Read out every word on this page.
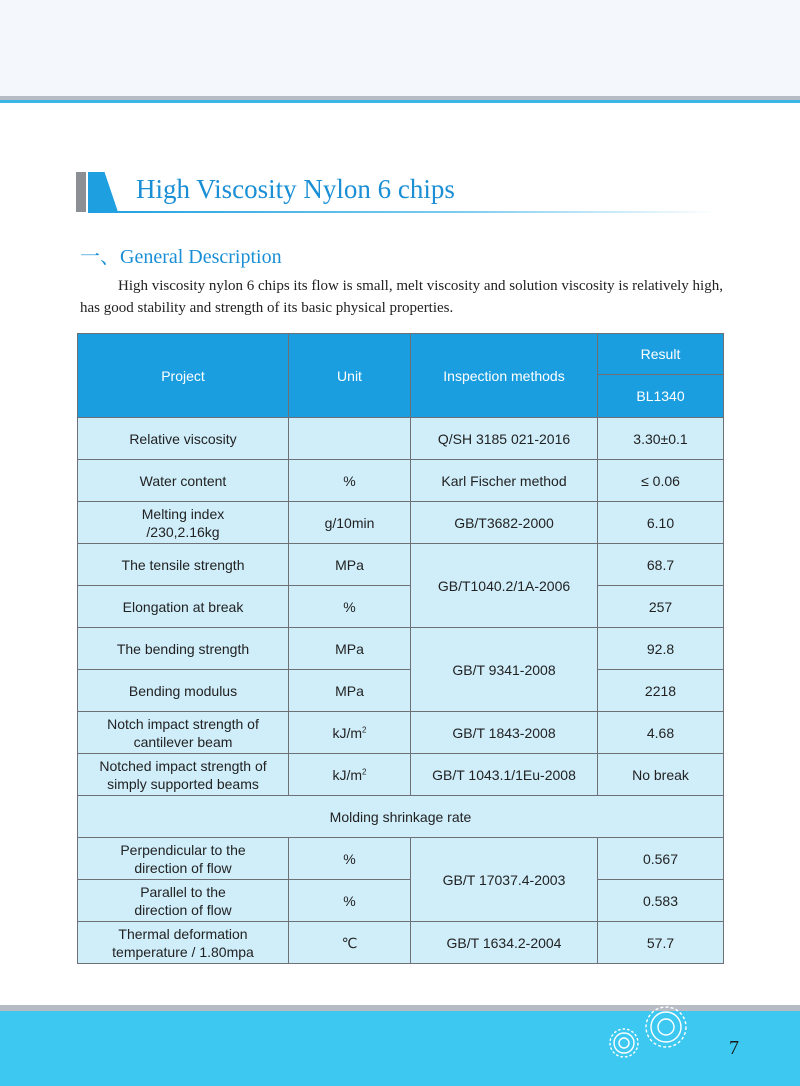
High Viscosity Nylon 6 chips
一、General Description
High viscosity nylon 6 chips its flow is small, melt viscosity and solution viscosity is relatively high, has good stability and strength of its basic physical properties.
Project	Unit	Inspection methods	Result
			BL1340
Relative viscosity		Q/SH 3185 021-2016	3.30±0.1
Water content	%	Karl Fischer method	≤ 0.06
Melting index /230,2.16kg	g/10min	GB/T3682-2000	6.10
The tensile strength	MPa	GB/T1040.2/1A-2006	68.7
Elongation at break	%		257
The bending strength	MPa	GB/T 9341-2008	92.8
Bending modulus	MPa		2218
Notch impact strength of cantilever beam	$kJ/m^2$	GB/T 1843-2008	4.68
Notched impact strength of simply supported beams	$kJ/m^2$	GB/T 1043.1/1Eu-2008	No break
Molding shrinkage rate			
Perpendicular to the direction of flow	%	GB/T 17037.4-2003	0.567
Parallel to the direction of flow	%		0.583
Thermal deformation temperature / 1.80mpa	℃	GB/T 1634.2-2004	57.7
7
